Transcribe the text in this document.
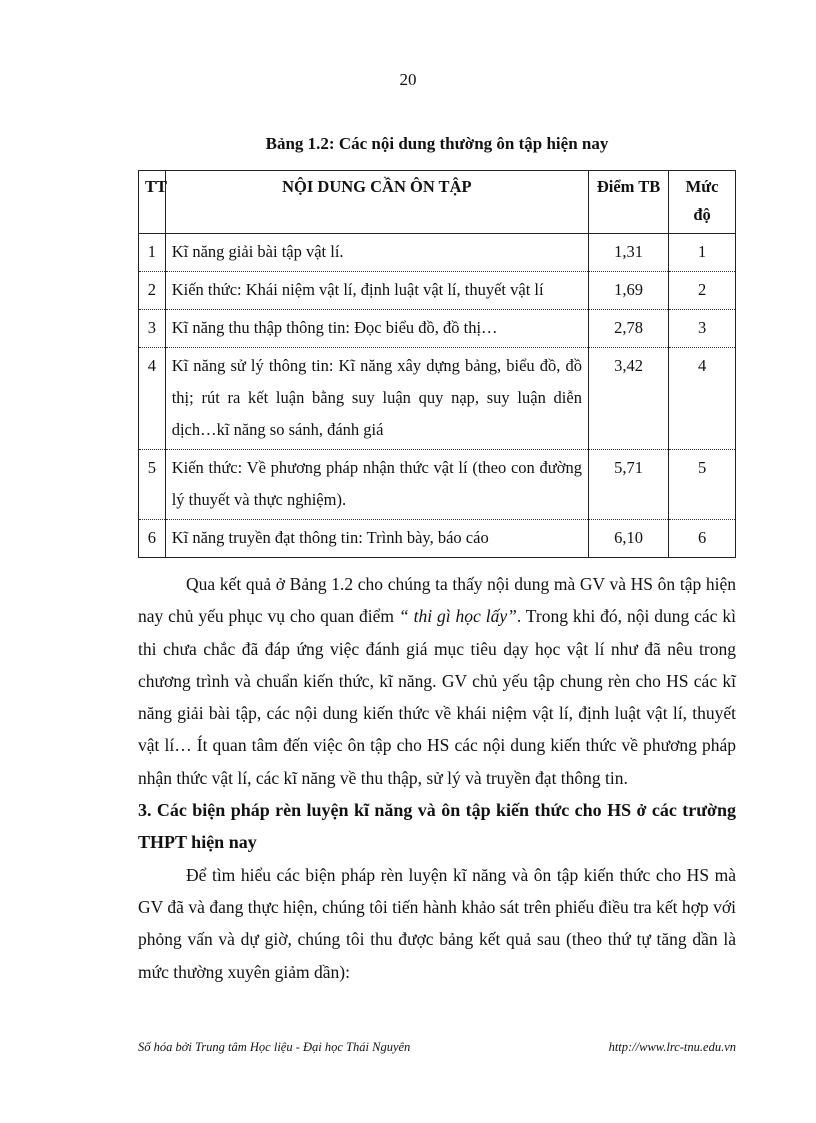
20
Bảng 1.2: Các nội dung thường ôn tập hiện nay
TT	NỘI DUNG CẦN ÔN TẬP	Điểm TB	Mức độ
1	Kĩ năng giải bài tập vật lí.	1,31	1
2	Kiến thức: Khái niệm vật lí, định luật vật lí, thuyết vật lí	1,69	2
3	Kĩ năng thu thập thông tin: Đọc biểu đồ, đồ thị…	2,78	3
4	Kĩ năng sử lý thông tin: Kĩ năng xây dựng bảng, biểu đồ, đồ thị; rút ra kết luận bằng suy luận quy nạp, suy luận diễn dịch…kĩ năng so sánh, đánh giá	3,42	4
5	Kiến thức: Về phương pháp nhận thức vật lí (theo con đường lý thuyết và thực nghiệm).	5,71	5
6	Kĩ năng truyền đạt thông tin: Trình bày, báo cáo	6,10	6

Qua kết quả ở Bảng 1.2 cho chúng ta thấy nội dung mà GV và HS ôn tập hiện nay chủ yếu phục vụ cho quan điểm “ thi gì học lấy”. Trong khi đó, nội dung các kì thi chưa chắc đã đáp ứng việc đánh giá mục tiêu dạy học vật lí như đã nêu trong chương trình và chuẩn kiến thức, kĩ năng. GV chủ yếu tập chung rèn cho HS các kĩ năng giải bài tập, các nội dung kiến thức về khái niệm vật lí, định luật vật lí, thuyết vật lí… Ít quan tâm đến việc ôn tập cho HS các nội dung kiến thức về phương pháp nhận thức vật lí, các kĩ năng về thu thập, sử lý và truyền đạt thông tin.

3. Các biện pháp rèn luyện kĩ năng và ôn tập kiến thức cho HS ở các trường THPT hiện nay

Để tìm hiểu các biện pháp rèn luyện kĩ năng và ôn tập kiến thức cho HS mà GV đã và đang thực hiện, chúng tôi tiến hành khảo sát trên phiếu điều tra kết hợp với phỏng vấn và dự giờ, chúng tôi thu được bảng kết quả sau (theo thứ tự tăng dần là mức thường xuyên giảm dần):

Số hóa bởi Trung tâm Học liệu - Đại học Thái Nguyên	http://www.lrc-tnu.edu.vn
